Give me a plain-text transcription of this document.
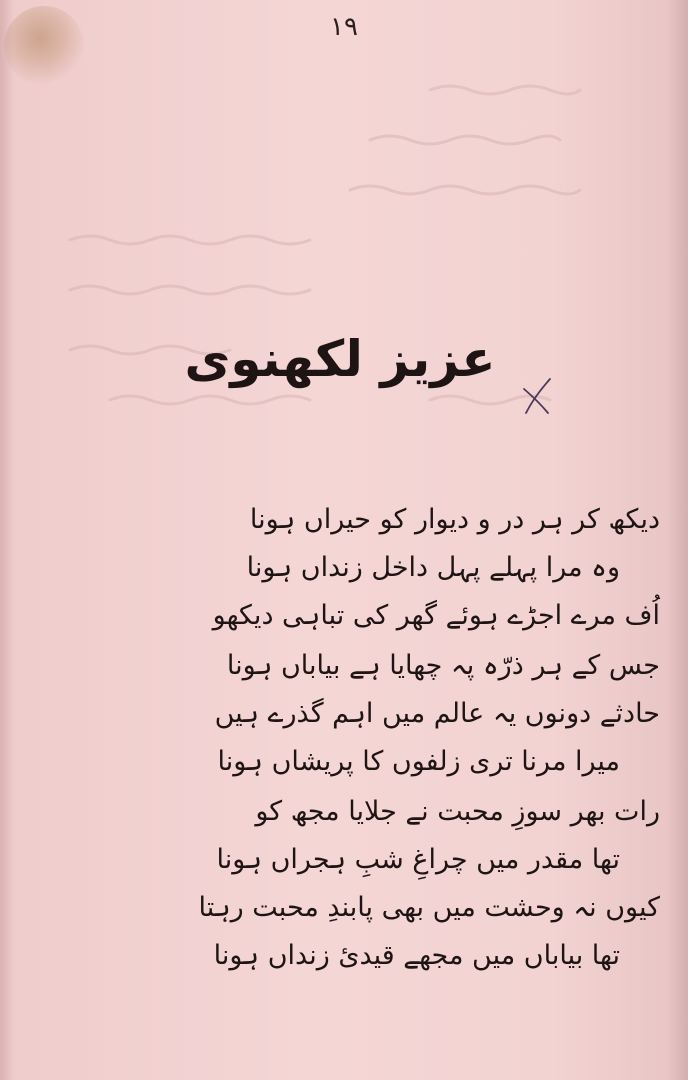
۱۹
عزیز لکھنوی
دیکھ کر ہر در و دیوار کو حیراں ہونا
وہ مرا پہلے پہل داخل زنداں ہونا
اُف مرے اجڑے ہوئے گھر کی تباہی دیکھو
جس کے ہر ذرّہ پہ چھایا ہے بیاباں ہونا
حادثے دونوں یہ عالم میں اہم گذرے ہیں
میرا مرنا تری زلفوں کا پریشاں ہونا
رات بھر سوزِ محبت نے جلایا مجھ کو
تھا مقدر میں چراغِ شبِ ہجراں ہونا
کیوں نہ وحشت میں بھی پابندِ محبت رہتا
تھا بیاباں میں مجھے قیدیٔ زنداں ہونا
